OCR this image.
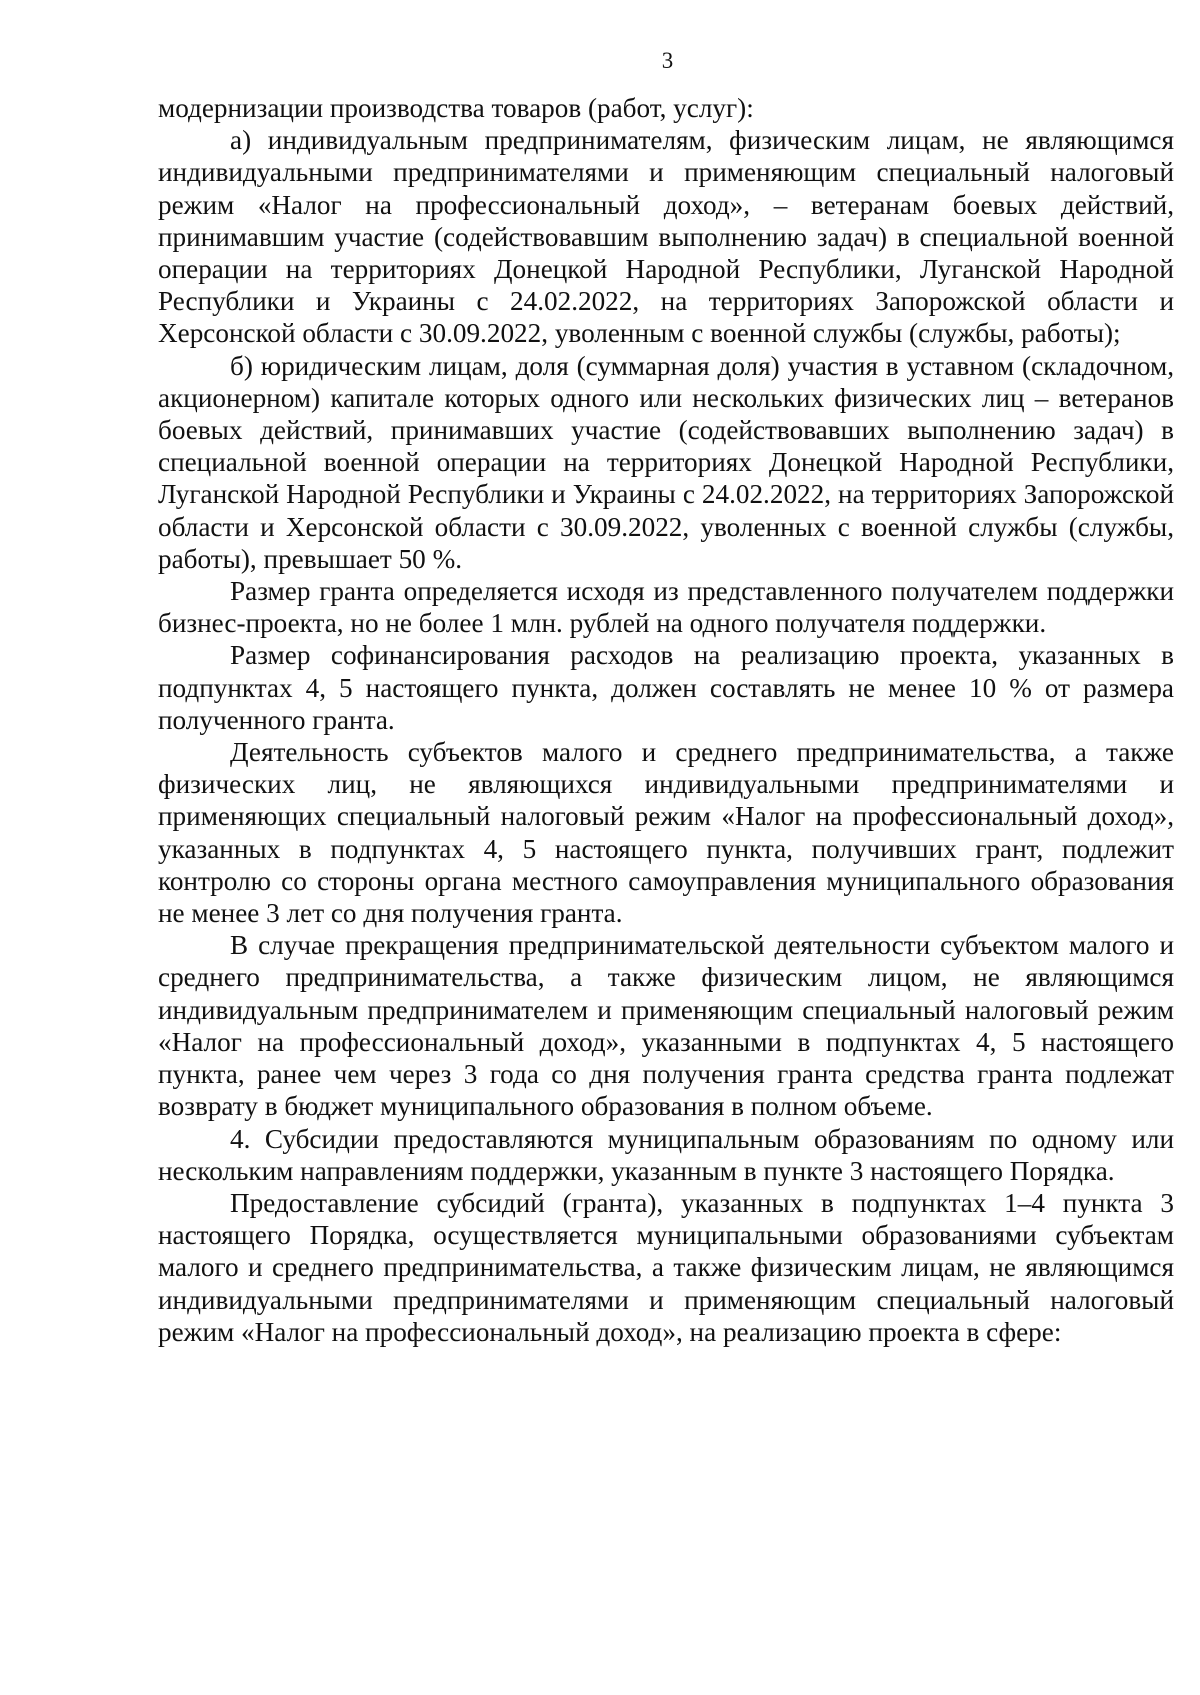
3

модернизации производства товаров (работ, услуг):

а) индивидуальным предпринимателям, физическим лицам, не являющимся индивидуальными предпринимателями и применяющим специальный налоговый режим «Налог на профессиональный доход», – ветеранам боевых действий, принимавшим участие (содействовавшим выполнению задач) в специальной военной операции на территориях Донецкой Народной Республики, Луганской Народной Республики и Украины с 24.02.2022, на территориях Запорожской области и Херсонской области с 30.09.2022, уволенным с военной службы (службы, работы);

б) юридическим лицам, доля (суммарная доля) участия в уставном (складочном, акционерном) капитале которых одного или нескольких физических лиц – ветеранов боевых действий, принимавших участие (содействовавших выполнению задач) в специальной военной операции на территориях Донецкой Народной Республики, Луганской Народной Республики и Украины с 24.02.2022, на территориях Запорожской области и Херсонской области с 30.09.2022, уволенных с военной службы (службы, работы), превышает 50 %.

Размер гранта определяется исходя из представленного получателем поддержки бизнес-проекта, но не более 1 млн. рублей на одного получателя поддержки.

Размер софинансирования расходов на реализацию проекта, указанных в подпунктах 4, 5 настоящего пункта, должен составлять не менее 10 % от размера полученного гранта.

Деятельность субъектов малого и среднего предпринимательства, а также физических лиц, не являющихся индивидуальными предпринимателями и применяющих специальный налоговый режим «Налог на профессиональный доход», указанных в подпунктах 4, 5 настоящего пункта, получивших грант, подлежит контролю со стороны органа местного самоуправления муниципального образования не менее 3 лет со дня получения гранта.

В случае прекращения предпринимательской деятельности субъектом малого и среднего предпринимательства, а также физическим лицом, не являющимся индивидуальным предпринимателем и применяющим специальный налоговый режим «Налог на профессиональный доход», указанными в подпунктах 4, 5 настоящего пункта, ранее чем через 3 года со дня получения гранта средства гранта подлежат возврату в бюджет муниципального образования в полном объеме.

4. Субсидии предоставляются муниципальным образованиям по одному или нескольким направлениям поддержки, указанным в пункте 3 настоящего Порядка.

Предоставление субсидий (гранта), указанных в подпунктах 1–4 пункта 3 настоящего Порядка, осуществляется муниципальными образованиями субъектам малого и среднего предпринимательства, а также физическим лицам, не являющимся индивидуальными предпринимателями и применяющим специальный налоговый режим «Налог на профессиональный доход», на реализацию проекта в сфере:
